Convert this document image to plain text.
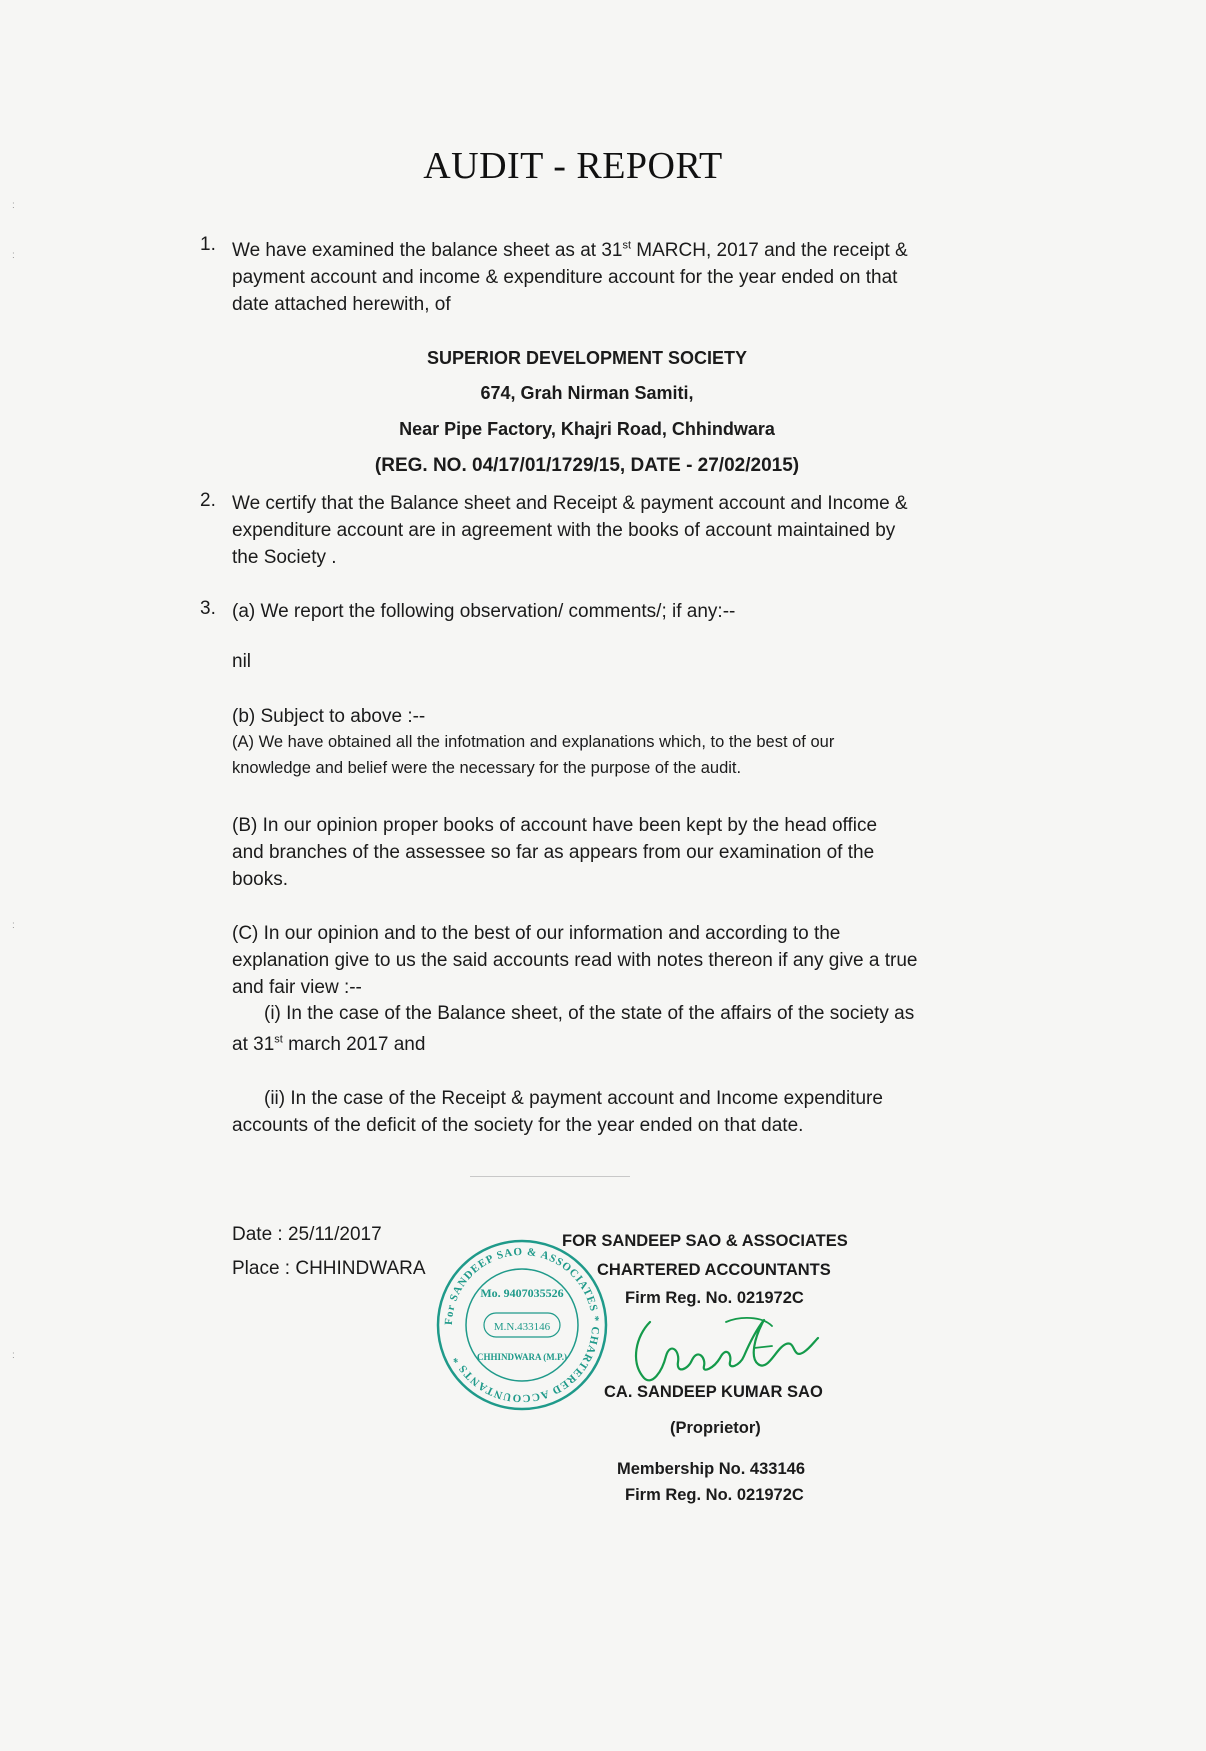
:
:
:
:
AUDIT - REPORT
1. We have examined the balance sheet as at 31st MARCH, 2017 and the receipt &
payment account and income & expenditure account for the year ended on that
date attached herewith, of
SUPERIOR DEVELOPMENT SOCIETY
674, Grah Nirman Samiti,
Near Pipe Factory, Khajri Road, Chhindwara
(REG. NO. 04/17/01/1729/15, DATE - 27/02/2015)
2. We certify that the Balance sheet and Receipt & payment account and Income &
expenditure account are in agreement with the books of account maintained by
the Society .
3. (a) We report the following observation/ comments/; if any:--
nil
(b) Subject to above :--
(A) We have obtained all the infotmation and explanations which, to the best of our
knowledge and belief were the necessary for the purpose of the audit.
(B) In our opinion proper books of account have been kept by the head office
and branches of the assessee so far as appears from our examination of the
books.
(C) In our opinion and to the best of our information and according to the
explanation give to us the said accounts read with notes thereon if any give a true
and fair view :--
(i) In the case of the Balance sheet, of the state of the affairs of the society as
at 31st march 2017 and
(ii) In the case of the Receipt & payment account and Income expenditure
accounts of the deficit of the society for the year ended on that date.
Date : 25/11/2017
Place : CHHINDWARA
For SANDEEP SAO & ASSOCIATES * CHARTERED ACCOUNTANTS *
Mo. 9407035526
M.N.433146
CHHINDWARA (M.P.)
FOR SANDEEP SAO & ASSOCIATES
CHARTERED ACCOUNTANTS
Firm Reg. No. 021972C
CA. SANDEEP KUMAR SAO
(Proprietor)
Membership No. 433146
Firm Reg. No. 021972C
